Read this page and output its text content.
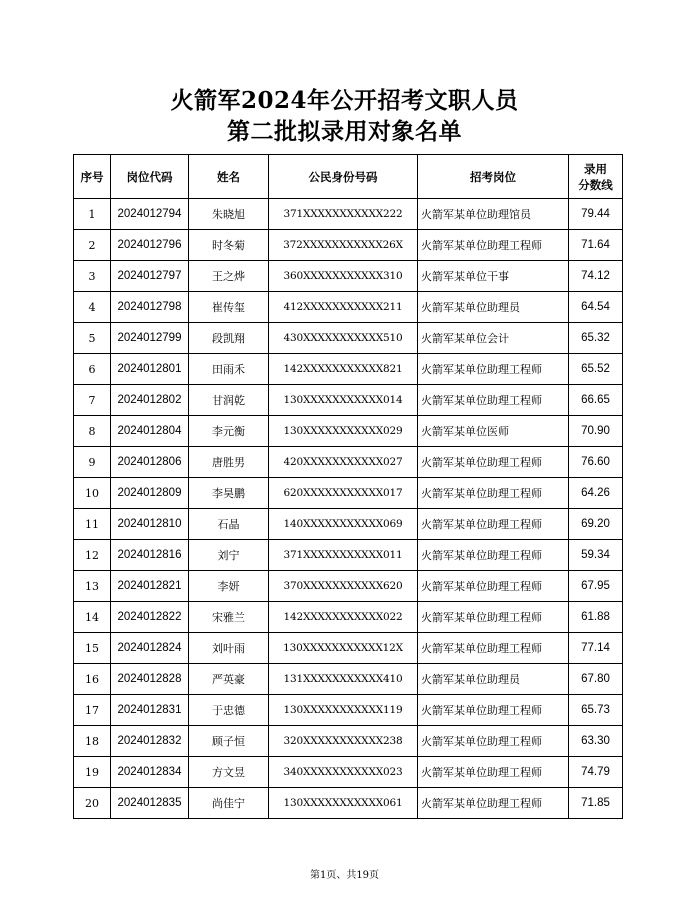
火箭军2024年公开招考文职人员
第二批拟录用对象名单
序号	岗位代码	姓名	公民身份号码	招考岗位	录用
分数线

1	2024012794	朱晓旭	371XXXXXXXXXXX222	火箭军某单位助理馆员	79.44
2	2024012796	时冬菊	372XXXXXXXXXXX26X	火箭军某单位助理工程师	71.64
3	2024012797	王之烨	360XXXXXXXXXXX310	火箭军某单位干事	74.12
4	2024012798	崔传玺	412XXXXXXXXXXX211	火箭军某单位助理员	64.54
5	2024012799	段凯翔	430XXXXXXXXXXX510	火箭军某单位会计	65.32
6	2024012801	田雨禾	142XXXXXXXXXXX821	火箭军某单位助理工程师	65.52
7	2024012802	甘润乾	130XXXXXXXXXXX014	火箭军某单位助理工程师	66.65
8	2024012804	李元衡	130XXXXXXXXXXX029	火箭军某单位医师	70.90
9	2024012806	唐胜男	420XXXXXXXXXXX027	火箭军某单位助理工程师	76.60
10	2024012809	李昊鹏	620XXXXXXXXXXX017	火箭军某单位助理工程师	64.26
11	2024012810	石晶	140XXXXXXXXXXX069	火箭军某单位助理工程师	69.20
12	2024012816	刘宁	371XXXXXXXXXXX011	火箭军某单位助理工程师	59.34
13	2024012821	李妍	370XXXXXXXXXXX620	火箭军某单位助理工程师	67.95
14	2024012822	宋雅兰	142XXXXXXXXXXX022	火箭军某单位助理工程师	61.88
15	2024012824	刘叶雨	130XXXXXXXXXXX12X	火箭军某单位助理工程师	77.14
16	2024012828	严英豪	131XXXXXXXXXXX410	火箭军某单位助理员	67.80
17	2024012831	于忠德	130XXXXXXXXXXX119	火箭军某单位助理工程师	65.73
18	2024012832	顾子恒	320XXXXXXXXXXX238	火箭军某单位助理工程师	63.30
19	2024012834	方文昱	340XXXXXXXXXXX023	火箭军某单位助理工程师	74.79
20	2024012835	尚佳宁	130XXXXXXXXXXX061	火箭军某单位助理工程师	71.85
第1页、共19页
